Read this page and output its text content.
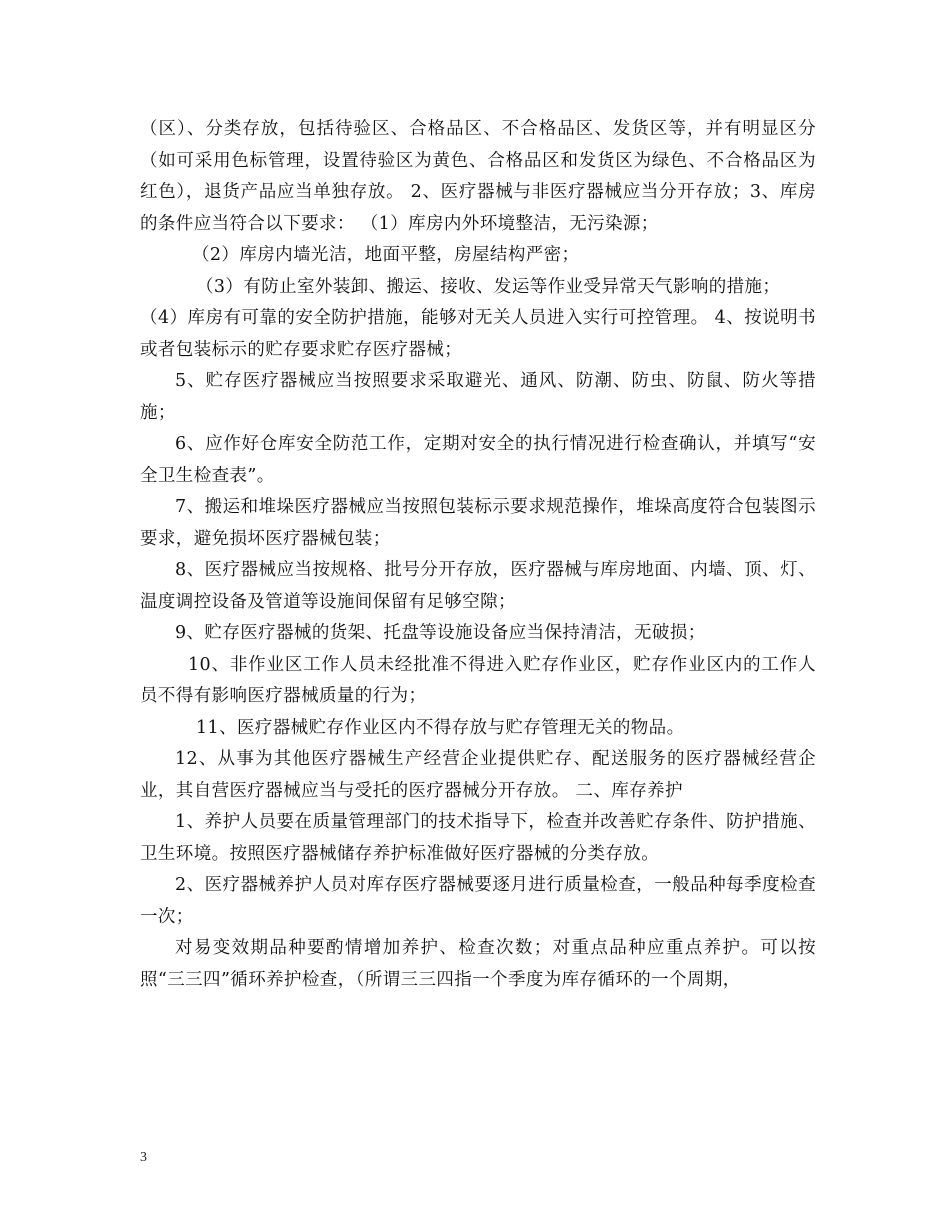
（区）、分类存放，包括待验区、合格品区、不合格品区、发货区等，并有明显区分（如可采用色标管理，设置待验区为黄色、合格品区和发货区为绿色、不合格品区为红色），退货产品应当单独存放。 2、医疗器械与非医疗器械应当分开存放；3、库房的条件应当符合以下要求： （1）库房内外环境整洁，无污染源；

（2）库房内墙光洁，地面平整，房屋结构严密；

（3）有防止室外装卸、搬运、接收、发运等作业受异常天气影响的措施；

（4）库房有可靠的安全防护措施，能够对无关人员进入实行可控管理。 4、按说明书或者包装标示的贮存要求贮存医疗器械；

5、贮存医疗器械应当按照要求采取避光、通风、防潮、防虫、防鼠、防火等措施；

6、应作好仓库安全防范工作，定期对安全的执行情况进行检查确认，并填写“安全卫生检查表”。

7、搬运和堆垛医疗器械应当按照包装标示要求规范操作，堆垛高度符合包装图示要求，避免损坏医疗器械包装；

8、医疗器械应当按规格、批号分开存放，医疗器械与库房地面、内墙、顶、灯、温度调控设备及管道等设施间保留有足够空隙；

9、贮存医疗器械的货架、托盘等设施设备应当保持清洁，无破损；

10、非作业区工作人员未经批准不得进入贮存作业区，贮存作业区内的工作人员不得有影响医疗器械质量的行为；

11、医疗器械贮存作业区内不得存放与贮存管理无关的物品。

12、从事为其他医疗器械生产经营企业提供贮存、配送服务的医疗器械经营企业，其自营医疗器械应当与受托的医疗器械分开存放。 二、库存养护

1、养护人员要在质量管理部门的技术指导下，检查并改善贮存条件、防护措施、卫生环境。按照医疗器械储存养护标准做好医疗器械的分类存放。

2、医疗器械养护人员对库存医疗器械要逐月进行质量检查，一般品种每季度检查一次；

对易变效期品种要酌情增加养护、检查次数；对重点品种应重点养护。可以按照“三三四”循环养护检查，（所谓三三四指一个季度为库存循环的一个周期，

3
